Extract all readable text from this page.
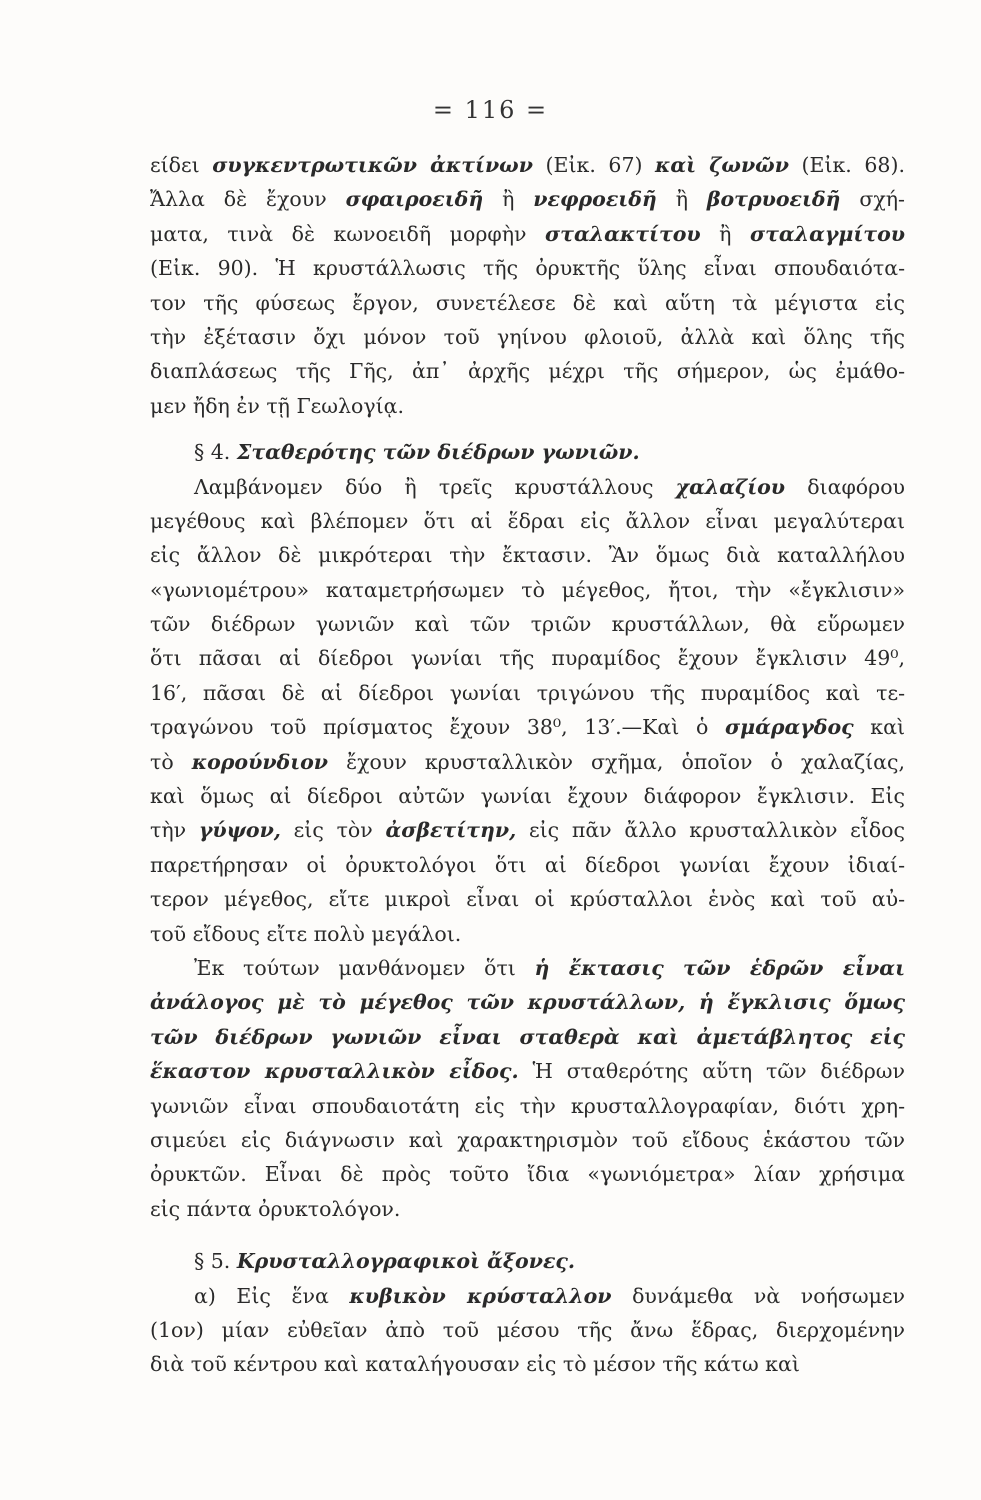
= 116 =
είδει συγκεντρωτικῶν ἀκτίνων (Εἰκ. 67) καὶ ζωνῶν (Εἰκ. 68).
Ἄλλα δὲ ἔχουν σφαιροειδῆ ἢ νεφροειδῆ ἢ βοτρυοειδῆ σχή-
ματα, τινὰ δὲ κωνοειδῆ μορφὴν σταλακτίτου ἢ σταλαγμίτου
(Εἰκ. 90). Ἡ κρυστάλλωσις τῆς ὀρυκτῆς ὕλης εἶναι σπουδαιότα-
τον τῆς φύσεως ἔργον, συνετέλεσε δὲ καὶ αὕτη τὰ μέγιστα εἰς
τὴν ἐξέτασιν ὄχι μόνον τοῦ γηίνου φλοιοῦ, ἀλλὰ καὶ ὅλης τῆς
διαπλάσεως τῆς Γῆς, ἀπ᾽ ἀρχῆς μέχρι τῆς σήμερον, ὡς ἐμάθο-
μεν ἤδη ἐν τῇ Γεωλογίᾳ.
§ 4. Σταθερότης τῶν διέδρων γωνιῶν.
Λαμβάνομεν δύο ἢ τρεῖς κρυστάλλους χαλαζίου διαφόρου
μεγέθους καὶ βλέπομεν ὅτι αἱ ἕδραι εἰς ἄλλον εἶναι μεγαλύτεραι
εἰς ἄλλον δὲ μικρότεραι τὴν ἔκτασιν. Ἂν ὅμως διὰ καταλλήλου
«γωνιομέτρου» καταμετρήσωμεν τὸ μέγεθος, ἤτοι, τὴν «ἔγκλισιν»
τῶν διέδρων γωνιῶν καὶ τῶν τριῶν κρυστάλλων, θὰ εὕρωμεν
ὅτι πᾶσαι αἱ δίεδροι γωνίαι τῆς πυραμίδος ἔχουν ἔγκλισιν 49⁰,
16′, πᾶσαι δὲ αἱ δίεδροι γωνίαι τριγώνου τῆς πυραμίδος καὶ τε-
τραγώνου τοῦ πρίσματος ἔχουν 38⁰, 13′.—Καὶ ὁ σμάραγδος καὶ
τὸ κορούνδιον ἔχουν κρυσταλλικὸν σχῆμα, ὁποῖον ὁ χαλαζίας,
καὶ ὅμως αἱ δίεδροι αὐτῶν γωνίαι ἔχουν διάφορον ἔγκλισιν. Εἰς
τὴν γύψον, εἰς τὸν ἀσβετίτην, εἰς πᾶν ἄλλο κρυσταλλικὸν εἶδος
παρετήρησαν οἱ ὀρυκτολόγοι ὅτι αἱ δίεδροι γωνίαι ἔχουν ἰδιαί-
τερον μέγεθος, εἴτε μικροὶ εἶναι οἱ κρύσταλλοι ἑνὸς καὶ τοῦ αὐ-
τοῦ εἴδους εἴτε πολὺ μεγάλοι.
Ἐκ τούτων μανθάνομεν ὅτι ἡ ἔκτασις τῶν ἑδρῶν εἶναι
ἀνάλογος μὲ τὸ μέγεθος τῶν κρυστάλλων, ἡ ἔγκλισις ὅμως
τῶν διέδρων γωνιῶν εἶναι σταθερὰ καὶ ἀμετάβλητος εἰς
ἕκαστον κρυσταλλικὸν εἶδος. Ἡ σταθερότης αὕτη τῶν διέδρων
γωνιῶν εἶναι σπουδαιοτάτη εἰς τὴν κρυσταλλογραφίαν, διότι χρη-
σιμεύει εἰς διάγνωσιν καὶ χαρακτηρισμὸν τοῦ εἴδους ἑκάστου τῶν
ὀρυκτῶν. Εἶναι δὲ πρὸς τοῦτο ἴδια «γωνιόμετρα» λίαν χρήσιμα
εἰς πάντα ὀρυκτολόγον.
§ 5. Κρυσταλλογραφικοὶ ἄξονες.
α) Εἰς ἕνα κυβικὸν κρύσταλλον δυνάμεθα νὰ νοήσωμεν
(1ον) μίαν εὐθεῖαν ἀπὸ τοῦ μέσου τῆς ἄνω ἕδρας, διερχομένην
διὰ τοῦ κέντρου καὶ καταλήγουσαν εἰς τὸ μέσον τῆς κάτω καὶ
